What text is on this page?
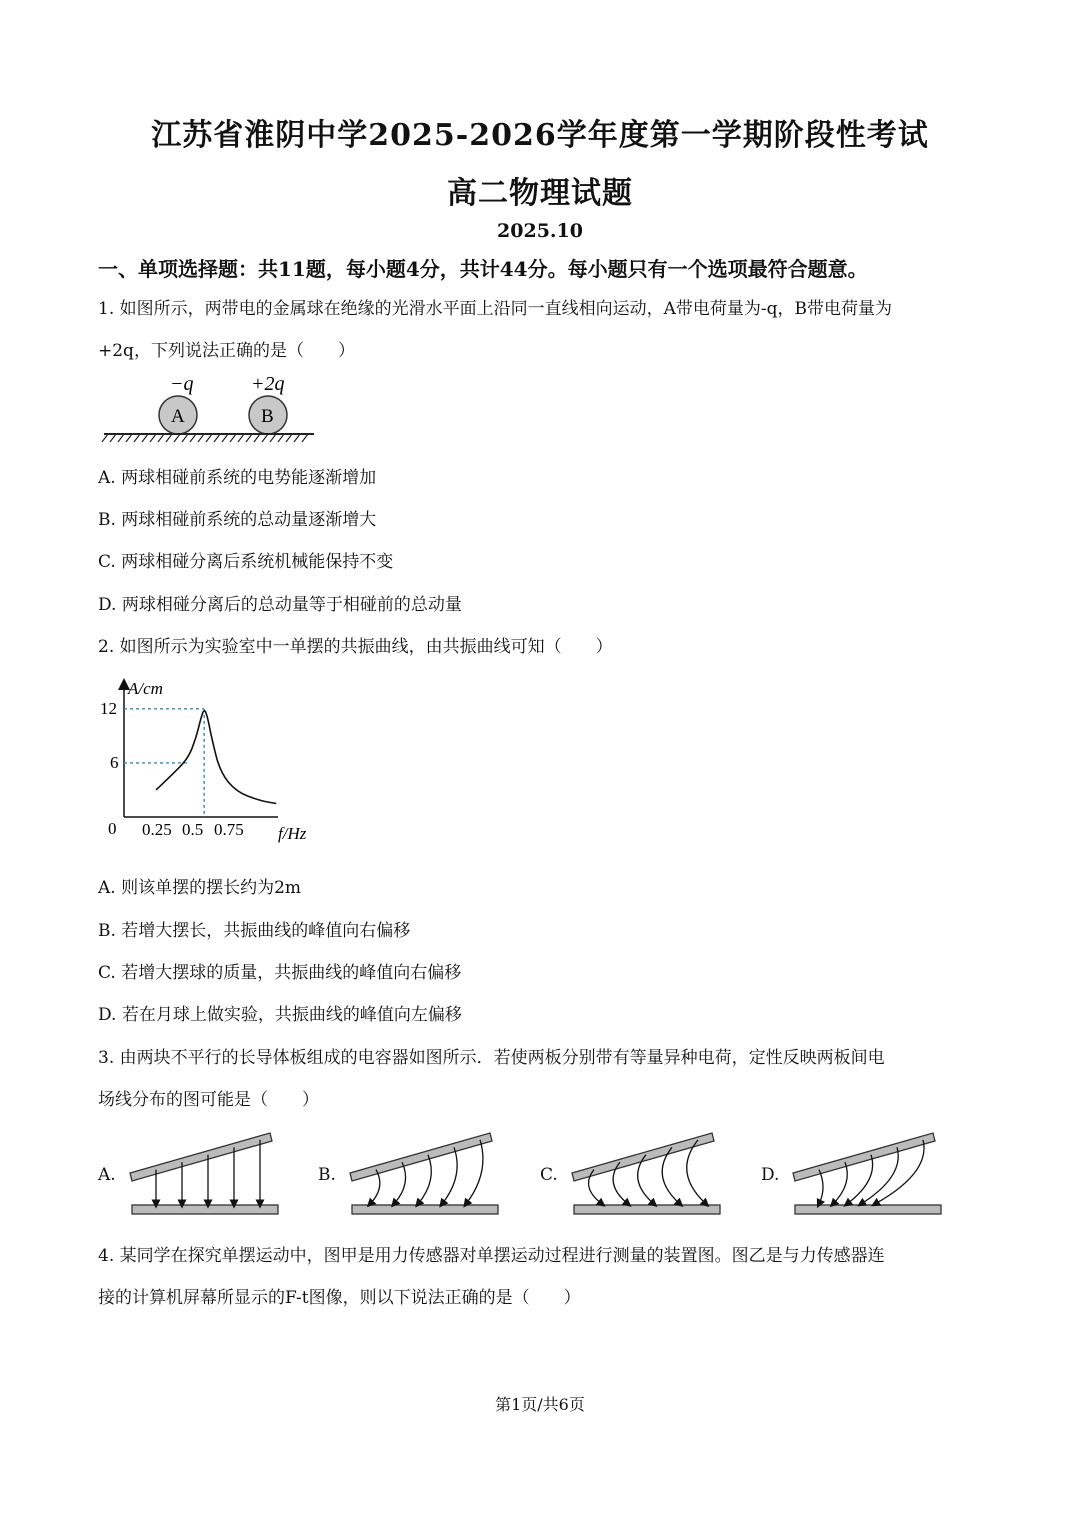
江苏省淮阴中学2025-2026学年度第一学期阶段性考试
高二物理试题
2025.10
一、单项选择题：共11题，每小题4分，共计44分。每小题只有一个选项最符合题意。
1. 如图所示，两带电的金属球在绝缘的光滑水平面上沿同一直线相向运动，A带电荷量为-q，B带电荷量为
+2q，下列说法正确的是（　　）
−q	+2q
A	B
A. 两球相碰前系统的电势能逐渐增加
B. 两球相碰前系统的总动量逐渐增大
C. 两球相碰分离后系统机械能保持不变
D. 两球相碰分离后的总动量等于相碰前的总动量
2. 如图所示为实验室中一单摆的共振曲线，由共振曲线可知（　　）
A/cm
f/Hz
0
6
12
0.25 0.5 0.75
A. 则该单摆的摆长约为2m
B. 若增大摆长，共振曲线的峰值向右偏移
C. 若增大摆球的质量，共振曲线的峰值向右偏移
D. 若在月球上做实验，共振曲线的峰值向左偏移
3. 由两块不平行的长导体板组成的电容器如图所示．若使两板分别带有等量异种电荷，定性反映两板间电
场线分布的图可能是（　　）
A.	B.	C.	D.
4. 某同学在探究单摆运动中，图甲是用力传感器对单摆运动过程进行测量的装置图。图乙是与力传感器连
接的计算机屏幕所显示的F-t图像，则以下说法正确的是（　　）
第1页/共6页
